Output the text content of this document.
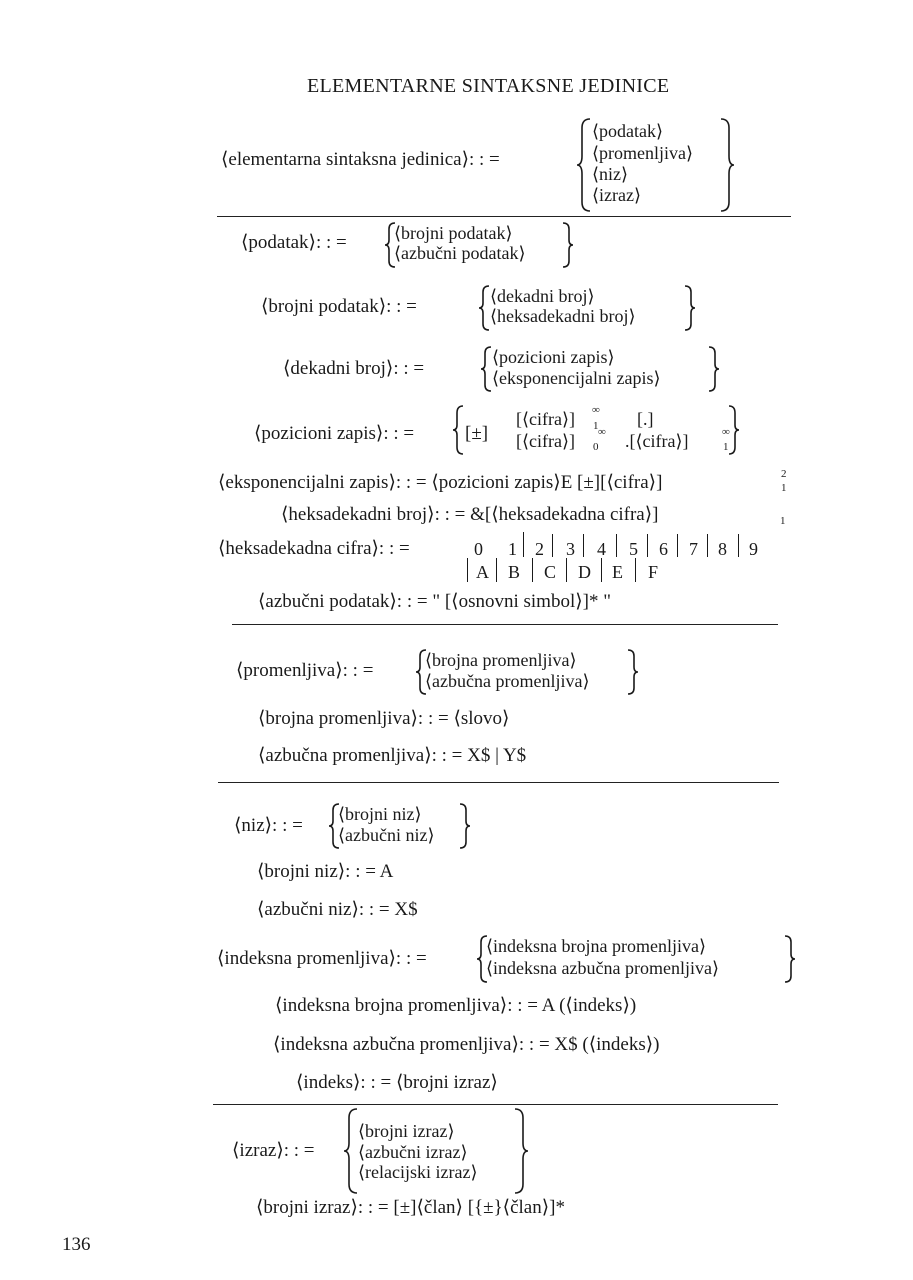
ELEMENTARNE SINTAKSNE JEDINICE
⟨elementarna sintaksna jedinica⟩: : =
⟨podatak⟩
⟨promenljiva⟩
⟨niz⟩
⟨izraz⟩
⟨podatak⟩: : =	⟨brojni podatak⟩
⟨azbučni podatak⟩
⟨brojni podatak⟩: : =	⟨dekadni broj⟩
⟨heksadekadni broj⟩
⟨dekadni broj⟩: : =
⟨pozicioni zapis⟩
⟨eksponencijalni zapis⟩
⟨pozicioni zapis⟩: : =	[±]
[⟨cifra⟩] 1
∞ [.]
[⟨cifra⟩] 0
∞ .[⟨cifra⟩]	1
∞
⟨eksponencijalni zapis⟩: : = ⟨pozicioni zapis⟩E [±][⟨cifra⟩]	1
2
⟨heksadekadni broj⟩: : = &[⟨heksadekadna cifra⟩]	1
⟨heksadekadna cifra⟩: : =	0 1 2 3 4 5 6 7 8 9
A B C D E F
⟨azbučni podatak⟩: : = " [⟨osnovni simbol⟩]* "
⟨promenljiva⟩: : =	⟨brojna promenljiva⟩
⟨azbučna promenljiva⟩
⟨brojna promenljiva⟩: : = ⟨slovo⟩
⟨azbučna promenljiva⟩: : = X$ | Y$
⟨niz⟩: : =
⟨brojni niz⟩
⟨azbučni niz⟩
⟨brojni niz⟩: : = A
⟨azbučni niz⟩: : = X$
⟨indeksna promenljiva⟩: : =
⟨indeksna brojna promenljiva⟩
⟨indeksna azbučna promenljiva⟩
⟨indeksna brojna promenljiva⟩: : = A (⟨indeks⟩)
⟨indeksna azbučna promenljiva⟩: : = X$ (⟨indeks⟩)
⟨indeks⟩: : = ⟨brojni izraz⟩
⟨izraz⟩: : =
⟨brojni izraz⟩
⟨azbučni izraz⟩
⟨relacijski izraz⟩
⟨brojni izraz⟩: : = [±]⟨član⟩ [{±}⟨član⟩]*
136
